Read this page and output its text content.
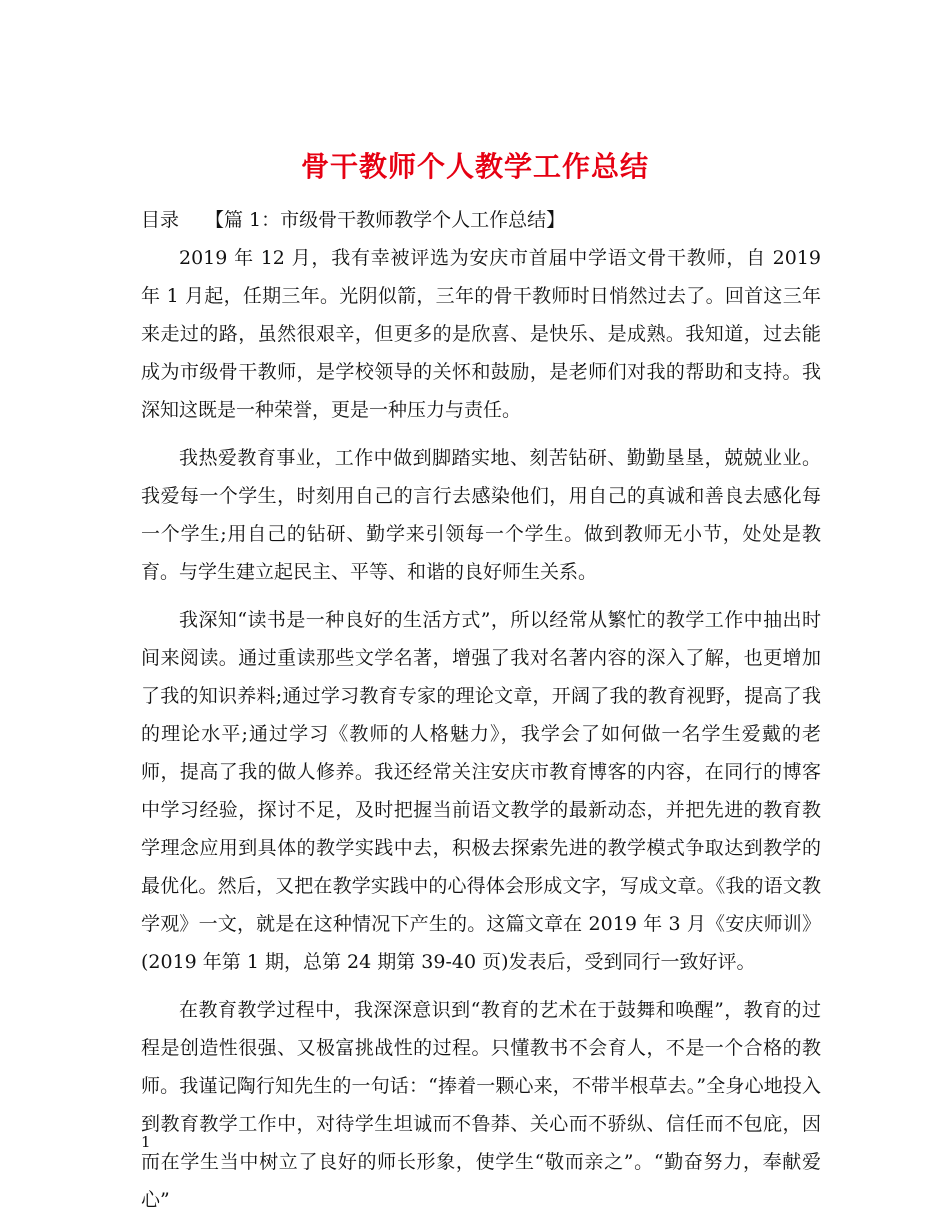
骨干教师个人教学工作总结

目录 【篇 1：市级骨干教师教学个人工作总结】

2019 年 12 月，我有幸被评选为安庆市首届中学语文骨干教师，自 2019 年 1 月起，任期三年。光阴似箭，三年的骨干教师时日悄然过去了。回首这三年来走过的路，虽然很艰辛，但更多的是欣喜、是快乐、是成熟。我知道，过去能成为市级骨干教师，是学校领导的关怀和鼓励，是老师们对我的帮助和支持。我深知这既是一种荣誉，更是一种压力与责任。

我热爱教育事业，工作中做到脚踏实地、刻苦钻研、勤勤垦垦，兢兢业业。我爱每一个学生，时刻用自己的言行去感染他们，用自己的真诚和善良去感化每一个学生;用自己的钻研、勤学来引领每一个学生。做到教师无小节，处处是教育。与学生建立起民主、平等、和谐的良好师生关系。

我深知“读书是一种良好的生活方式”，所以经常从繁忙的教学工作中抽出时间来阅读。通过重读那些文学名著，增强了我对名著内容的深入了解，也更增加了我的知识养料;通过学习教育专家的理论文章，开阔了我的教育视野，提高了我的理论水平;通过学习《教师的人格魅力》，我学会了如何做一名学生爱戴的老师，提高了我的做人修养。我还经常关注安庆市教育博客的内容，在同行的博客中学习经验，探讨不足，及时把握当前语文教学的最新动态，并把先进的教育教学理念应用到具体的教学实践中去，积极去探索先进的教学模式争取达到教学的最优化。然后，又把在教学实践中的心得体会形成文字，写成文章。《我的语文教学观》一文，就是在这种情况下产生的。这篇文章在 2019 年 3 月《安庆师训》(2019 年第 1 期，总第 24 期第 39-40 页)发表后，受到同行一致好评。

在教育教学过程中，我深深意识到“教育的艺术在于鼓舞和唤醒”，教育的过程是创造性很强、又极富挑战性的过程。只懂教书不会育人，不是一个合格的教师。我谨记陶行知先生的一句话：“捧着一颗心来，不带半根草去。”全身心地投入到教育教学工作中，对待学生坦诚而不鲁莽、关心而不骄纵、信任而不包庇，因而在学生当中树立了良好的师长形象，使学生“敬而亲之”。“勤奋努力，奉献爱心”

1
